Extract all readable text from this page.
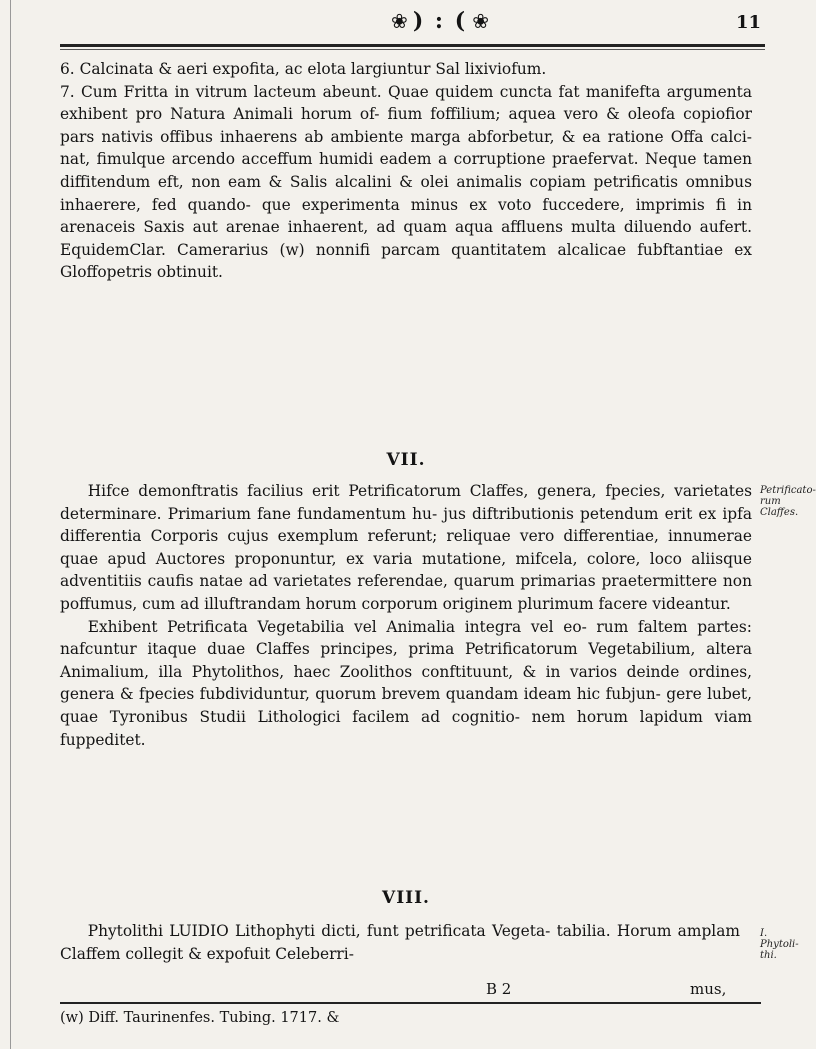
❀ ) : ( ❀	11

6. Calcinata & aeri expofita, ac elota largiuntur Sal lixiviofum.

7. Cum Fritta in vitrum lacteum abeunt. Quae quidem cuncta fat manifefta argumenta exhibent pro Natura Animali horum of- fium foffilium; aquea vero & oleofa copiofior pars nativis offibus inhaerens ab ambiente marga abforbetur, & ea ratione Offa calci- nat, fimulque arcendo acceffum humidi eadem a corruptione praefervat. Neque tamen diffitendum eft, non eam & Salis alcalini & olei animalis copiam petrificatis omnibus inhaerere, fed quando- que experimenta minus ex voto fuccedere, imprimis fi in arenaceis Saxis aut arenae inhaerent, ad quam aqua affluens multa diluendo aufert. EquidemClar. Camerarius (w) nonnifi parcam quantitatem alcalicae fubftantiae ex Gloffopetris obtinuit.

VII.
Petrificato- rum Claffes.

Hifce demonftratis facilius erit Petrificatorum Claffes, genera, fpecies, varietates determinare. Primarium fane fundamentum hu- jus diftributionis petendum erit ex ipfa differentia Corporis cujus exemplum referunt; reliquae vero differentiae, innumerae quae apud Auctores proponuntur, ex varia mutatione, mifcela, colore, loco aliisque adventitiis caufis natae ad varietates referendae, quarum primarias praetermittere non poffumus, cum ad illuftrandam horum corporum originem plurimum facere videantur.

Exhibent Petrificata Vegetabilia vel Animalia integra vel eo- rum faltem partes: nafcuntur itaque duae Claffes principes, prima Petrificatorum Vegetabilium, altera Animalium, illa Phytolithos, haec Zoolithos conftituunt, & in varios deinde ordines, genera & fpecies fubdividuntur, quorum brevem quandam ideam hic fubjun- gere lubet, quae Tyronibus Studii Lithologici facilem ad cognitio- nem horum lapidum viam fuppeditet.

VIII.
I. Phytoli- thi.

Phytolithi LUIDIO Lithophyti dicti, funt petrificata Vegeta- tabilia. Horum amplam Claffem collegit & expofuit Celeberri-

B 2	mus,
(w) Diff. Taurinenfes. Tubing. 1717. &
